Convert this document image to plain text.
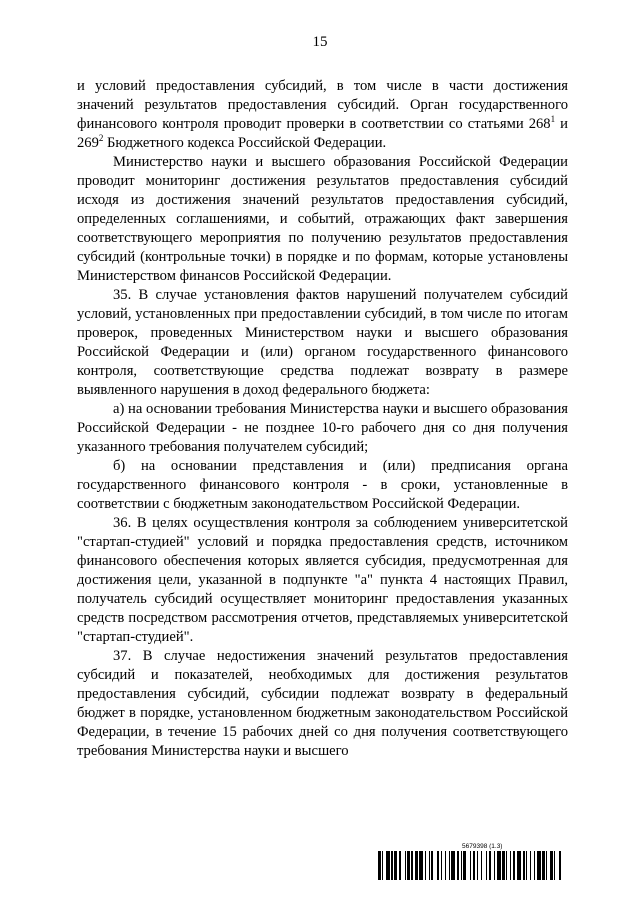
15

и условий предоставления субсидий, в том числе в части достижения значений результатов предоставления субсидий. Орган государственного финансового контроля проводит проверки в соответствии со статьями $268^1$ и $269^2$ Бюджетного кодекса Российской Федерации.

Министерство науки и высшего образования Российской Федерации проводит мониторинг достижения результатов предоставления субсидий исходя из достижения значений результатов предоставления субсидий, определенных соглашениями, и событий, отражающих факт завершения соответствующего мероприятия по получению результатов предоставления субсидий (контрольные точки) в порядке и по формам, которые установлены Министерством финансов Российской Федерации.

35. В случае установления фактов нарушений получателем субсидий условий, установленных при предоставлении субсидий, в том числе по итогам проверок, проведенных Министерством науки и высшего образования Российской Федерации и (или) органом государственного финансового контроля, соответствующие средства подлежат возврату в размере выявленного нарушения в доход федерального бюджета:

а) на основании требования Министерства науки и высшего образования Российской Федерации - не позднее 10-го рабочего дня со дня получения указанного требования получателем субсидий;

б) на основании представления и (или) предписания органа государственного финансового контроля - в сроки, установленные в соответствии с бюджетным законодательством Российской Федерации.

36. В целях осуществления контроля за соблюдением университетской "стартап-студией" условий и порядка предоставления средств, источником финансового обеспечения которых является субсидия, предусмотренная для достижения цели, указанной в подпункте "а" пункта 4 настоящих Правил, получатель субсидий осуществляет мониторинг предоставления указанных средств посредством рассмотрения отчетов, представляемых университетской "стартап-студией".

37. В случае недостижения значений результатов предоставления субсидий и показателей, необходимых для достижения результатов предоставления субсидий, субсидии подлежат возврату в федеральный бюджет в порядке, установленном бюджетным законодательством Российской Федерации, в течение 15 рабочих дней со дня получения соответствующего требования Министерства науки и высшего

5679398 (1.3)
